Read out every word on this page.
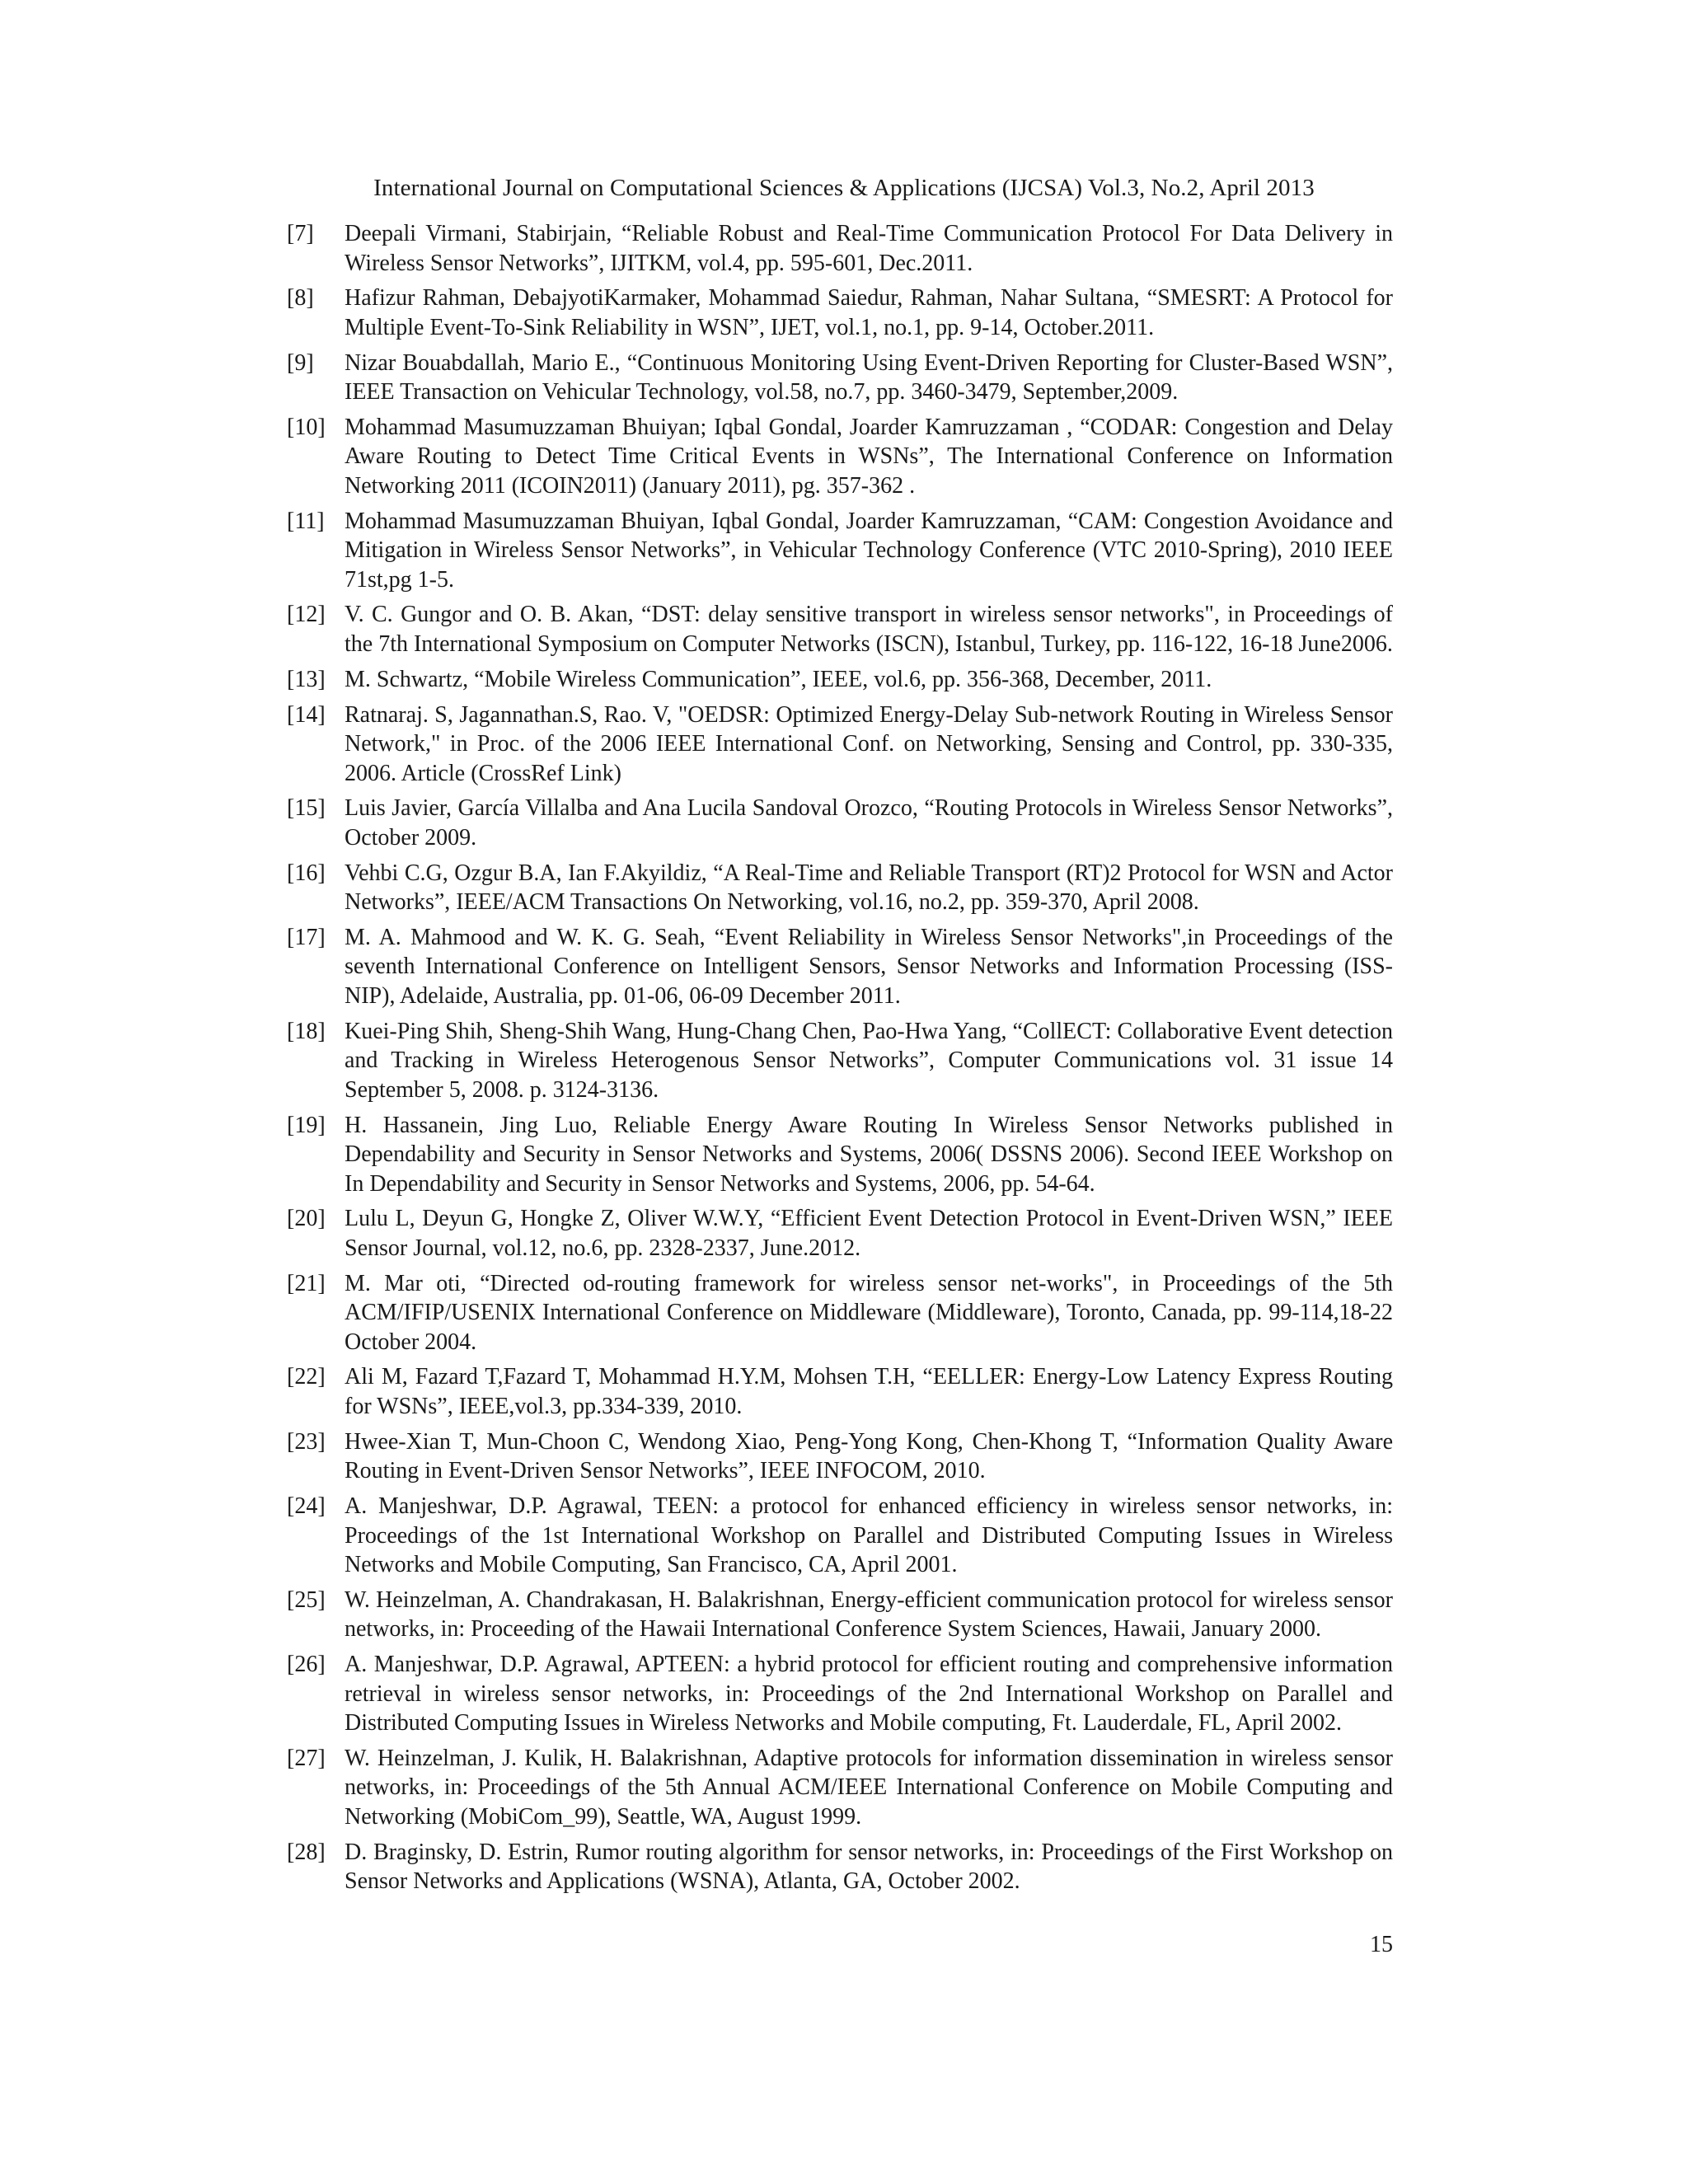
International Journal on Computational Sciences & Applications (IJCSA) Vol.3, No.2, April 2013
[7]	Deepali Virmani, Stabirjain, “Reliable Robust and Real-Time Communication Protocol For Data Delivery in Wireless Sensor Networks”, IJITKM, vol.4, pp. 595-601, Dec.2011.
[8]	Hafizur Rahman, DebajyotiKarmaker, Mohammad Saiedur, Rahman, Nahar Sultana, “SMESRT: A Protocol for Multiple Event-To-Sink Reliability in WSN”, IJET, vol.1, no.1, pp. 9-14, October.2011.
[9]	Nizar Bouabdallah, Mario E., “Continuous Monitoring Using Event-Driven Reporting for Cluster-Based WSN”, IEEE Transaction on Vehicular Technology, vol.58, no.7, pp. 3460-3479, September,2009.
[10] Mohammad Masumuzzaman Bhuiyan; Iqbal Gondal, Joarder Kamruzzaman , “CODAR: Congestion and Delay Aware Routing to Detect Time Critical Events in WSNs”, The International Conference on Information Networking 2011 (ICOIN2011) (January 2011), pg. 357-362 .
[11] Mohammad Masumuzzaman Bhuiyan, Iqbal Gondal, Joarder Kamruzzaman, “CAM: Congestion Avoidance and Mitigation in Wireless Sensor Networks”, in Vehicular Technology Conference (VTC 2010-Spring), 2010 IEEE 71st,pg 1-5.
[12] V. C. Gungor and O. B. Akan, “DST: delay sensitive transport in wireless sensor networks", in Proceedings of the 7th International Symposium on Computer Networks (ISCN), Istanbul, Turkey, pp. 116-122, 16-18 June2006.
[13] M. Schwartz, “Mobile Wireless Communication”, IEEE, vol.6, pp. 356-368, December, 2011.
[14] Ratnaraj. S, Jagannathan.S, Rao. V, "OEDSR: Optimized Energy-Delay Sub-network Routing in Wireless Sensor Network," in Proc. of the 2006 IEEE International Conf. on Networking, Sensing and Control, pp. 330-335, 2006. Article (CrossRef Link)
[15] Luis Javier, García Villalba and Ana Lucila Sandoval Orozco, “Routing Protocols in Wireless Sensor Networks”, October 2009.
[16] Vehbi C.G, Ozgur B.A, Ian F.Akyildiz, “A Real-Time and Reliable Transport (RT)2 Protocol for WSN and Actor Networks”, IEEE/ACM Transactions On Networking, vol.16, no.2, pp. 359-370, April 2008.
[17] M. A. Mahmood and W. K. G. Seah, “Event Reliability in Wireless Sensor Networks",in Proceedings of the seventh International Conference on Intelligent Sensors, Sensor Networks and Information Processing (ISS-NIP), Adelaide, Australia, pp. 01-06, 06-09 December 2011.
[18] Kuei-Ping Shih, Sheng-Shih Wang, Hung-Chang Chen, Pao-Hwa Yang, “CollECT: Collaborative Event detection and Tracking in Wireless Heterogenous Sensor Networks”, Computer Communications vol. 31 issue 14 September 5, 2008. p. 3124-3136.
[19] H. Hassanein, Jing Luo, Reliable Energy Aware Routing In Wireless Sensor Networks published in Dependability and Security in Sensor Networks and Systems, 2006( DSSNS 2006). Second IEEE Workshop on In Dependability and Security in Sensor Networks and Systems, 2006, pp. 54-64.
[20] Lulu L, Deyun G, Hongke Z, Oliver W.W.Y, “Efficient Event Detection Protocol in Event-Driven WSN,” IEEE Sensor Journal, vol.12, no.6, pp. 2328-2337, June.2012.
[21] M. Mar oti, “Directed od-routing framework for wireless sensor net-works", in Proceedings of the 5th ACM/IFIP/USENIX International Conference on Middleware (Middleware), Toronto, Canada, pp. 99-114,18-22 October 2004.
[22] Ali M, Fazard T,Fazard T, Mohammad H.Y.M, Mohsen T.H, “EELLER: Energy-Low Latency Express Routing for WSNs”, IEEE,vol.3, pp.334-339, 2010.
[23] Hwee-Xian T, Mun-Choon C, Wendong Xiao, Peng-Yong Kong, Chen-Khong T, “Information Quality Aware Routing in Event-Driven Sensor Networks”, IEEE INFOCOM, 2010.
[24] A. Manjeshwar, D.P. Agrawal, TEEN: a protocol for enhanced efficiency in wireless sensor networks, in: Proceedings of the 1st International Workshop on Parallel and Distributed Computing Issues in Wireless Networks and Mobile Computing, San Francisco, CA, April 2001.
[25] W. Heinzelman, A. Chandrakasan, H. Balakrishnan, Energy-efficient communication protocol for wireless sensor networks, in: Proceeding of the Hawaii International Conference System Sciences, Hawaii, January 2000.
[26] A. Manjeshwar, D.P. Agrawal, APTEEN: a hybrid protocol for efficient routing and comprehensive information retrieval in wireless sensor networks, in: Proceedings of the 2nd International Workshop on Parallel and Distributed Computing Issues in Wireless Networks and Mobile computing, Ft. Lauderdale, FL, April 2002.
[27] W. Heinzelman, J. Kulik, H. Balakrishnan, Adaptive protocols for information dissemination in wireless sensor networks, in: Proceedings of the 5th Annual ACM/IEEE International Conference on Mobile Computing and Networking (MobiCom_99), Seattle, WA, August 1999.
[28] D. Braginsky, D. Estrin, Rumor routing algorithm for sensor networks, in: Proceedings of the First Workshop on Sensor Networks and Applications (WSNA), Atlanta, GA, October 2002.
15
